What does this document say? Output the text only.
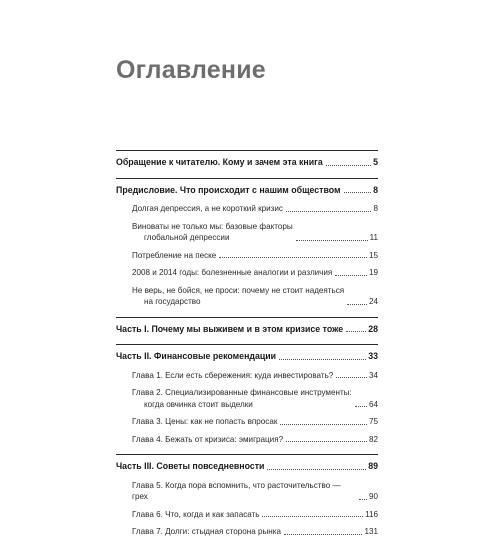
Оглавление
Обращение к читателю. Кому и зачем эта книга	5
Предисловие. Что происходит с нашим обществом	8
Долгая депрессия, а не короткий кризис	8
Виноваты не только мы: базовые факторы
глобальной депрессии	11
Потребление на песке	15
2008 и 2014 годы: болезненные аналогии и различия	19
Не верь, не бойся, не проси: почему не стоит надеяться
на государство	24
Часть I. Почему мы выживем и в этом кризисе тоже	28
Часть II. Финансовые рекомендации	33
Глава 1. Если есть сбережения: куда инвестировать?	34
Глава 2. Специализированные финансовые инструменты:
когда овчинка стоит выделки	64
Глава 3. Цены: как не попасть впросак	75
Глава 4. Бежать от кризиса: эмиграция?	82
Часть III. Советы повседневности	89
Глава 5. Когда пора вспомнить, что расточительство — грех	90
Глава 6. Что, когда и как запасать	116
Глава 7. Долги: стыдная сторона рынка	131
